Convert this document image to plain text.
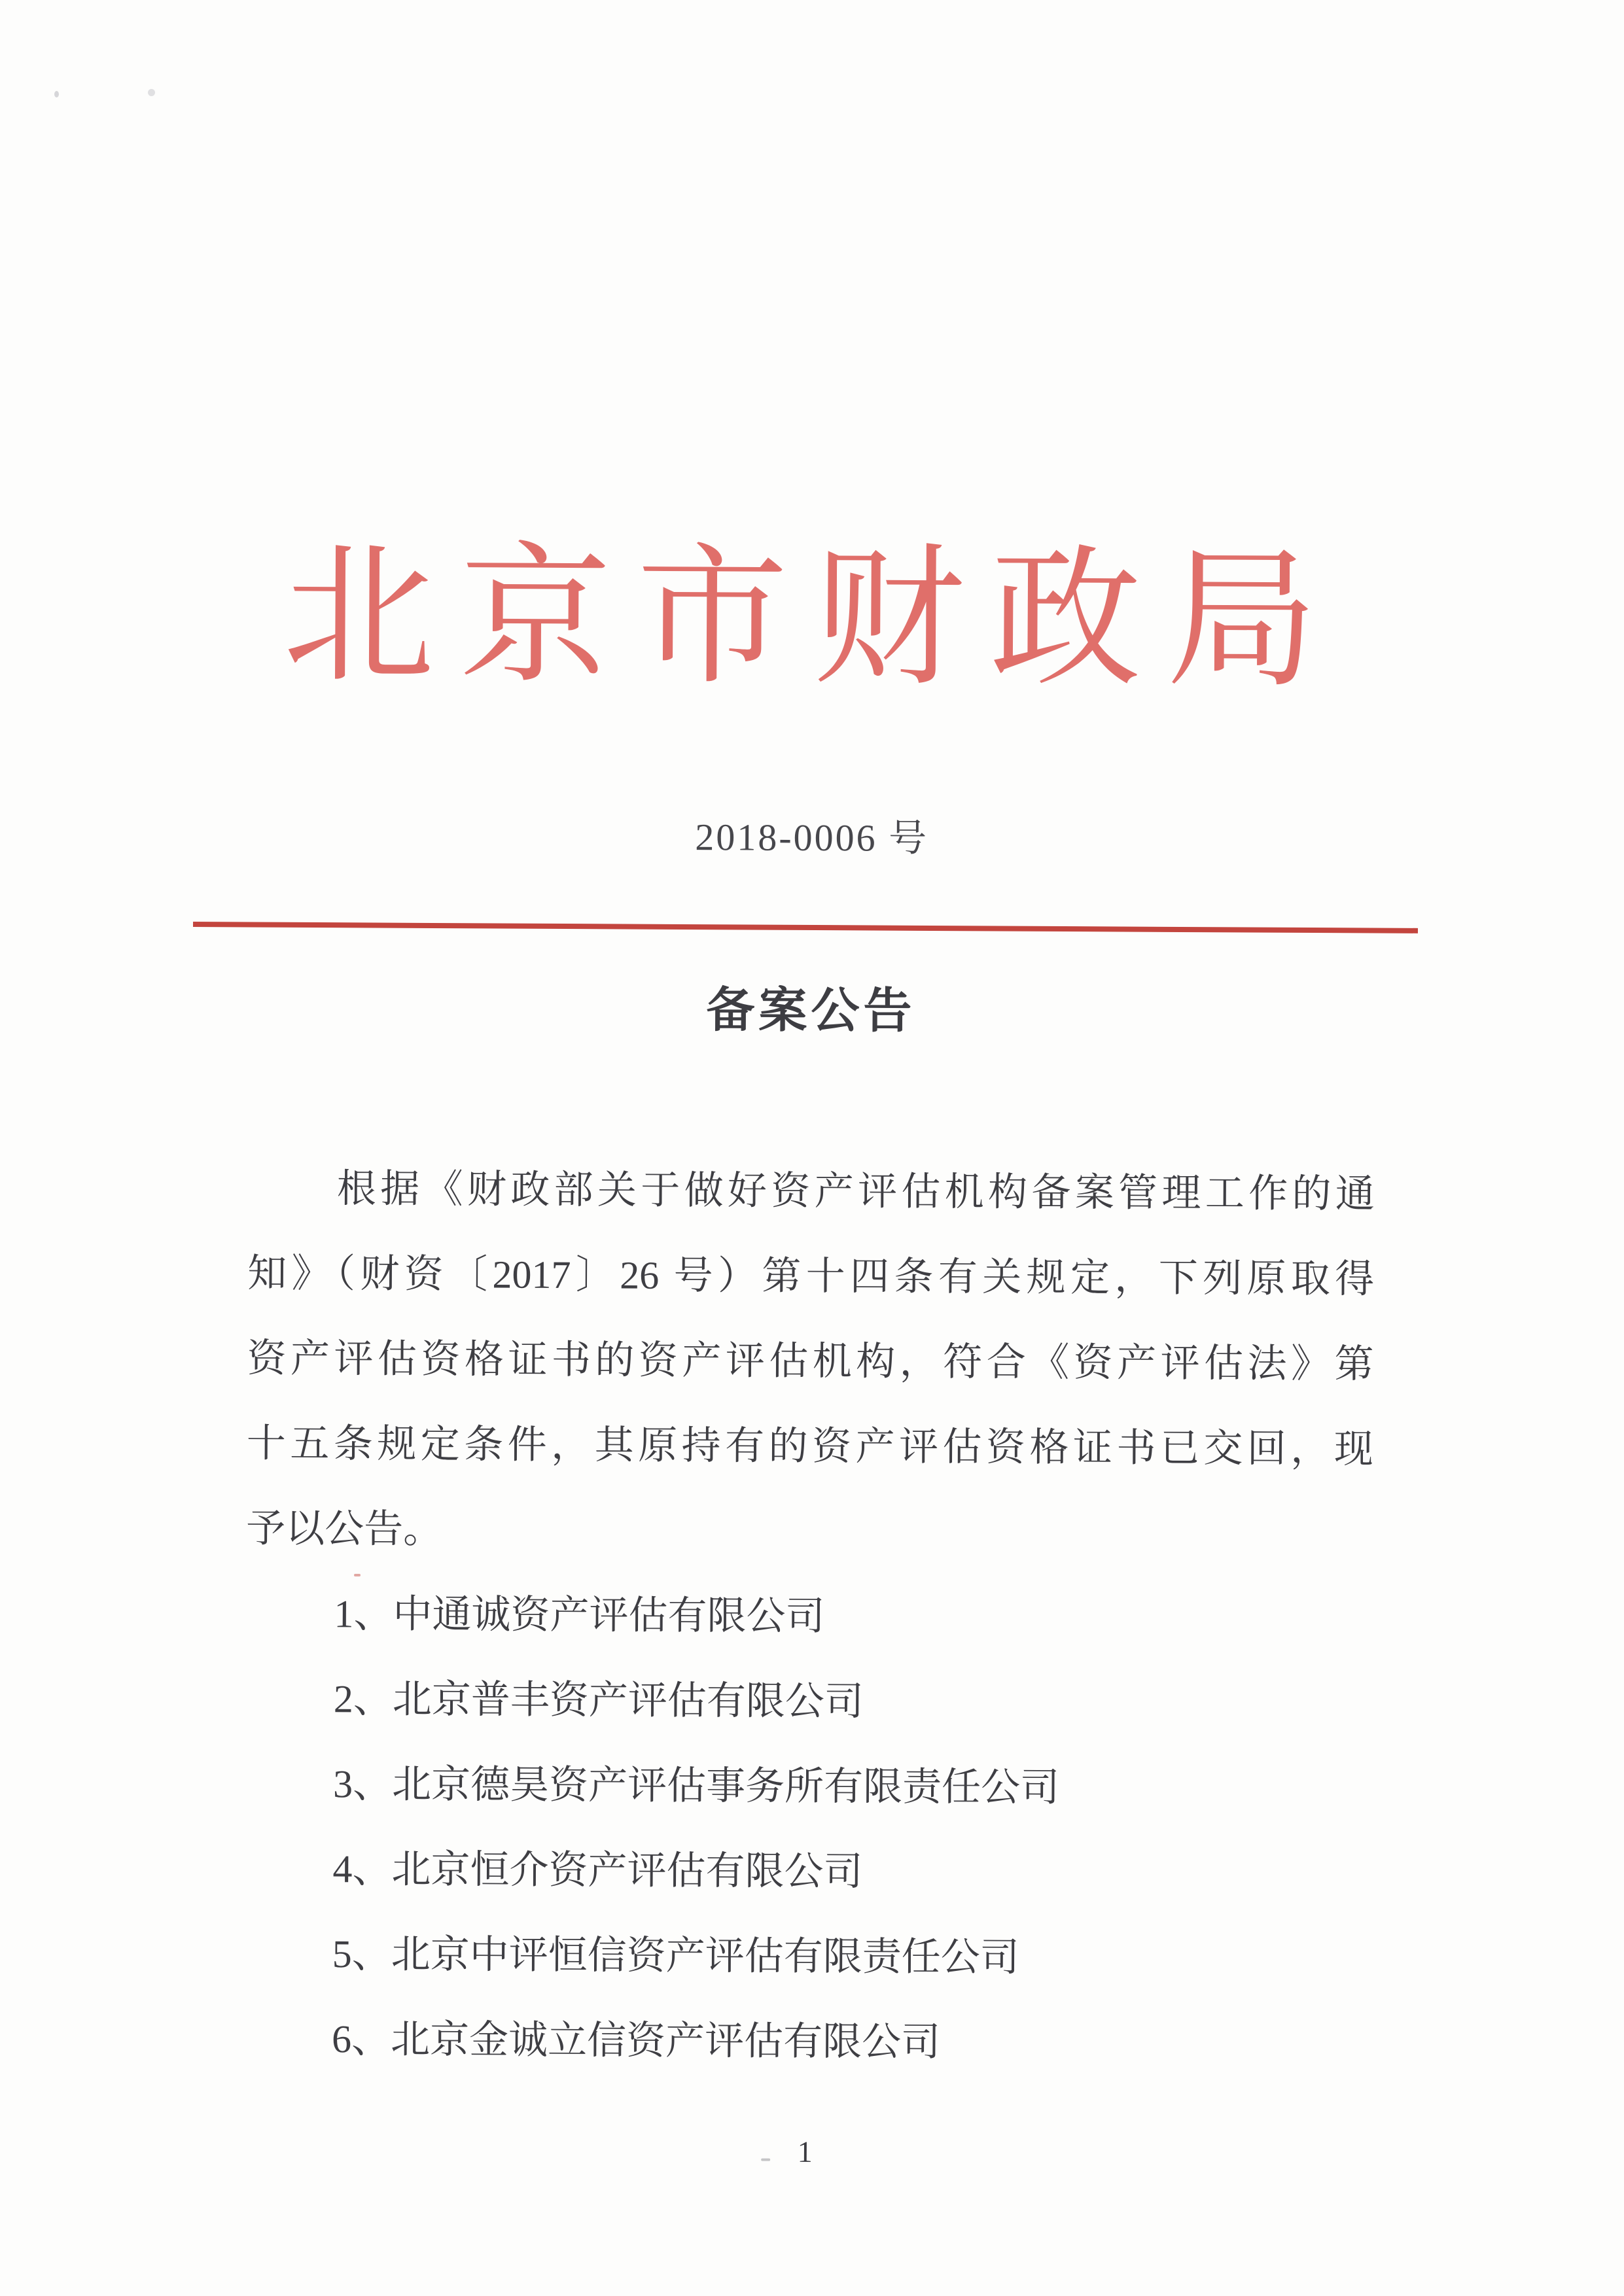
北京市财政局
2018-0006 号
备案公告
根据《财政部关于做好资产评估机构备案管理工作的通
知》（财资〔2017〕26 号）第十四条有关规定，下列原取得
资产评估资格证书的资产评估机构，符合《资产评估法》第
十五条规定条件，其原持有的资产评估资格证书已交回，现
予以公告。
1、中通诚资产评估有限公司
2、北京普丰资产评估有限公司
3、北京德昊资产评估事务所有限责任公司
4、北京恒介资产评估有限公司
5、北京中评恒信资产评估有限责任公司
6、北京金诚立信资产评估有限公司
1
